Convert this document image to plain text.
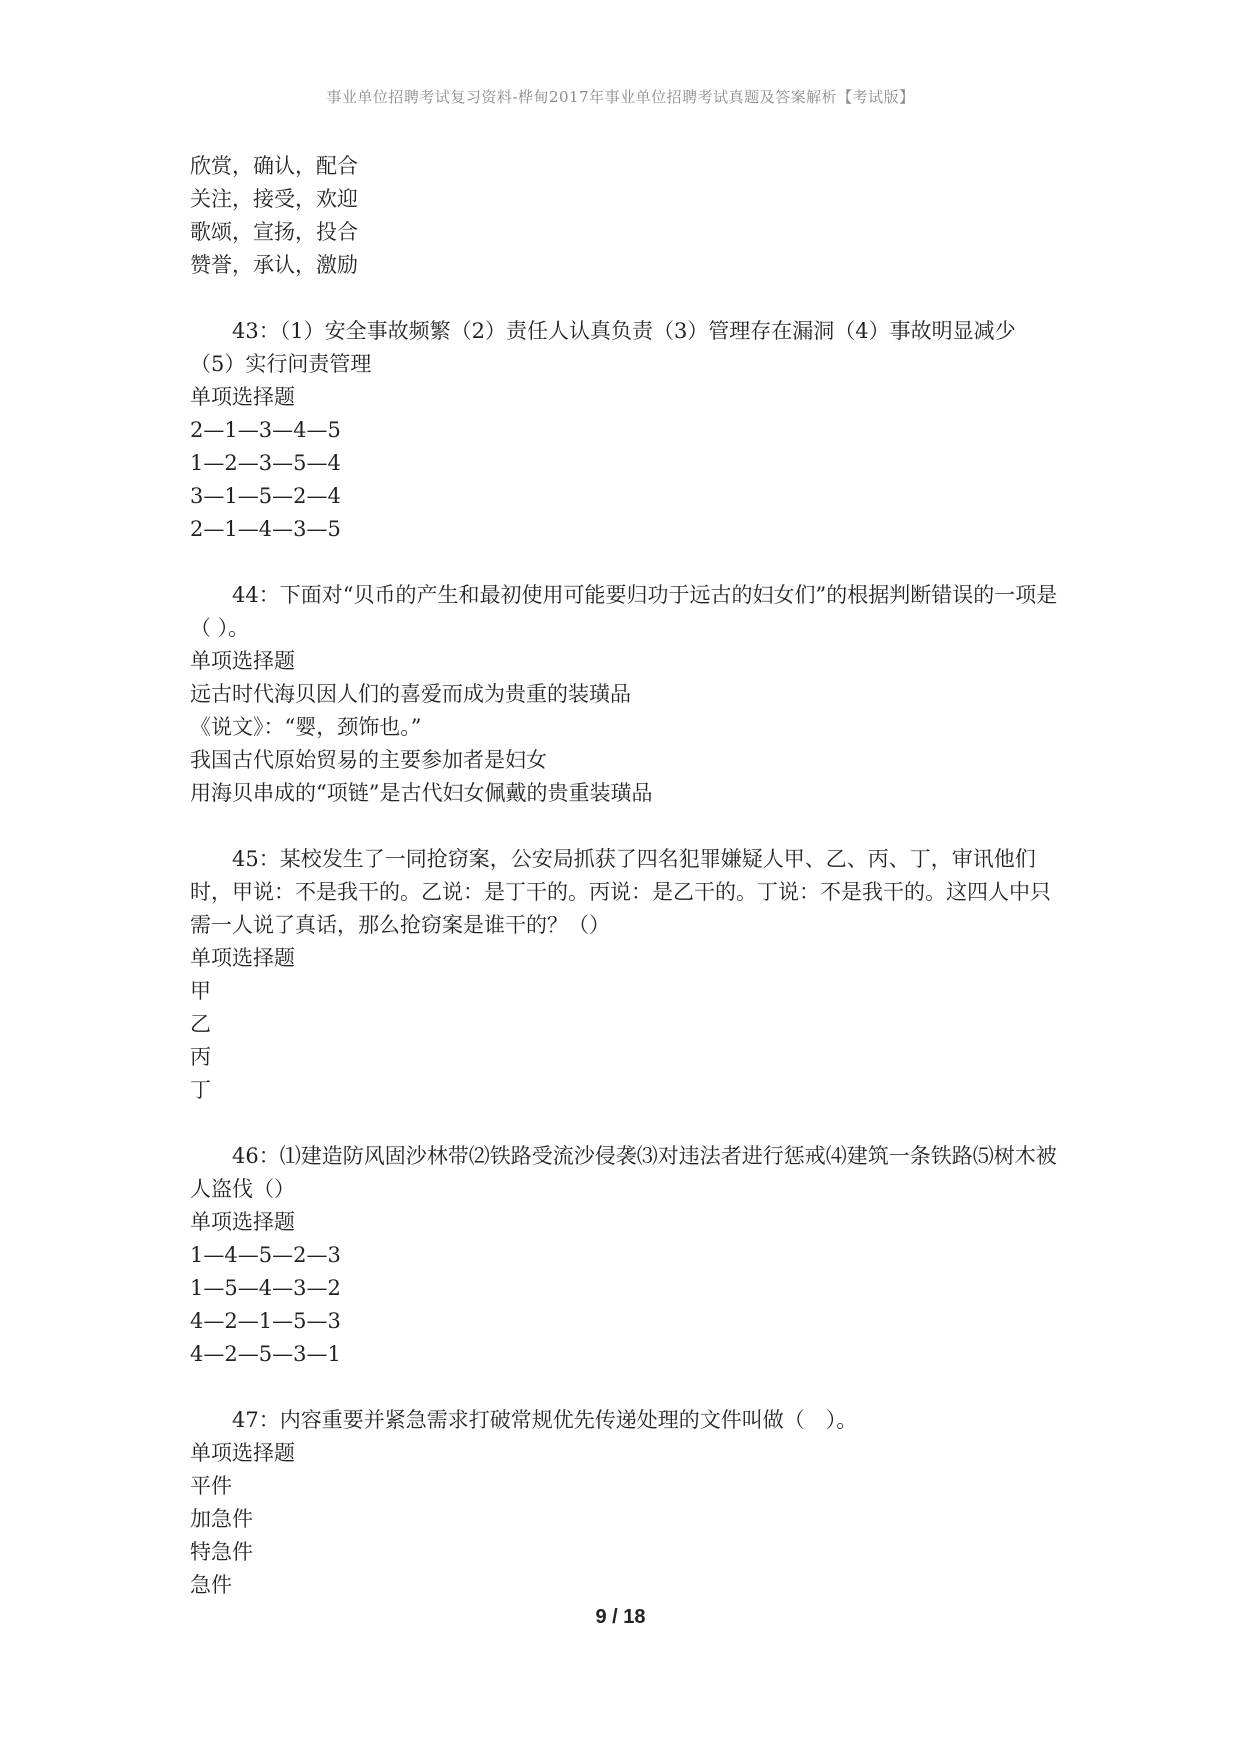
事业单位招聘考试复习资料-桦甸2017年事业单位招聘考试真题及答案解析【考试版】

欣赏，确认，配合

关注，接受，欢迎

歌颂，宣扬，投合

赞誉，承认，激励

43：（1）安全事故频繁（2）责任人认真负责（3）管理存在漏洞（4）事故明显减少（5）实行问责管理

单项选择题

2—1—3—4—5

1—2—3—5—4

3—1—5—2—4

2—1—4—3—5

44：下面对“贝币的产生和最初使用可能要归功于远古的妇女们”的根据判断错误的一项是（ ）。

单项选择题

远古时代海贝因人们的喜爱而成为贵重的装璜品

《说文》：“婴，颈饰也。”

我国古代原始贸易的主要参加者是妇女

用海贝串成的“项链”是古代妇女佩戴的贵重装璜品

45：某校发生了一同抢窃案，公安局抓获了四名犯罪嫌疑人甲、乙、丙、丁，审讯他们时，甲说：不是我干的。乙说：是丁干的。丙说：是乙干的。丁说：不是我干的。这四人中只需一人说了真话，那么抢窃案是谁干的？（）

单项选择题

甲

乙

丙

丁

46：⑴建造防风固沙林带⑵铁路受流沙侵袭⑶对违法者进行惩戒⑷建筑一条铁路⑸树木被人盗伐（）

单项选择题

1—4—5—2—3

1—5—4—3—2

4—2—1—5—3

4—2—5—3—1

47：内容重要并紧急需求打破常规优先传递处理的文件叫做（　）。

单项选择题

平件

加急件

特急件

急件

9 / 18
